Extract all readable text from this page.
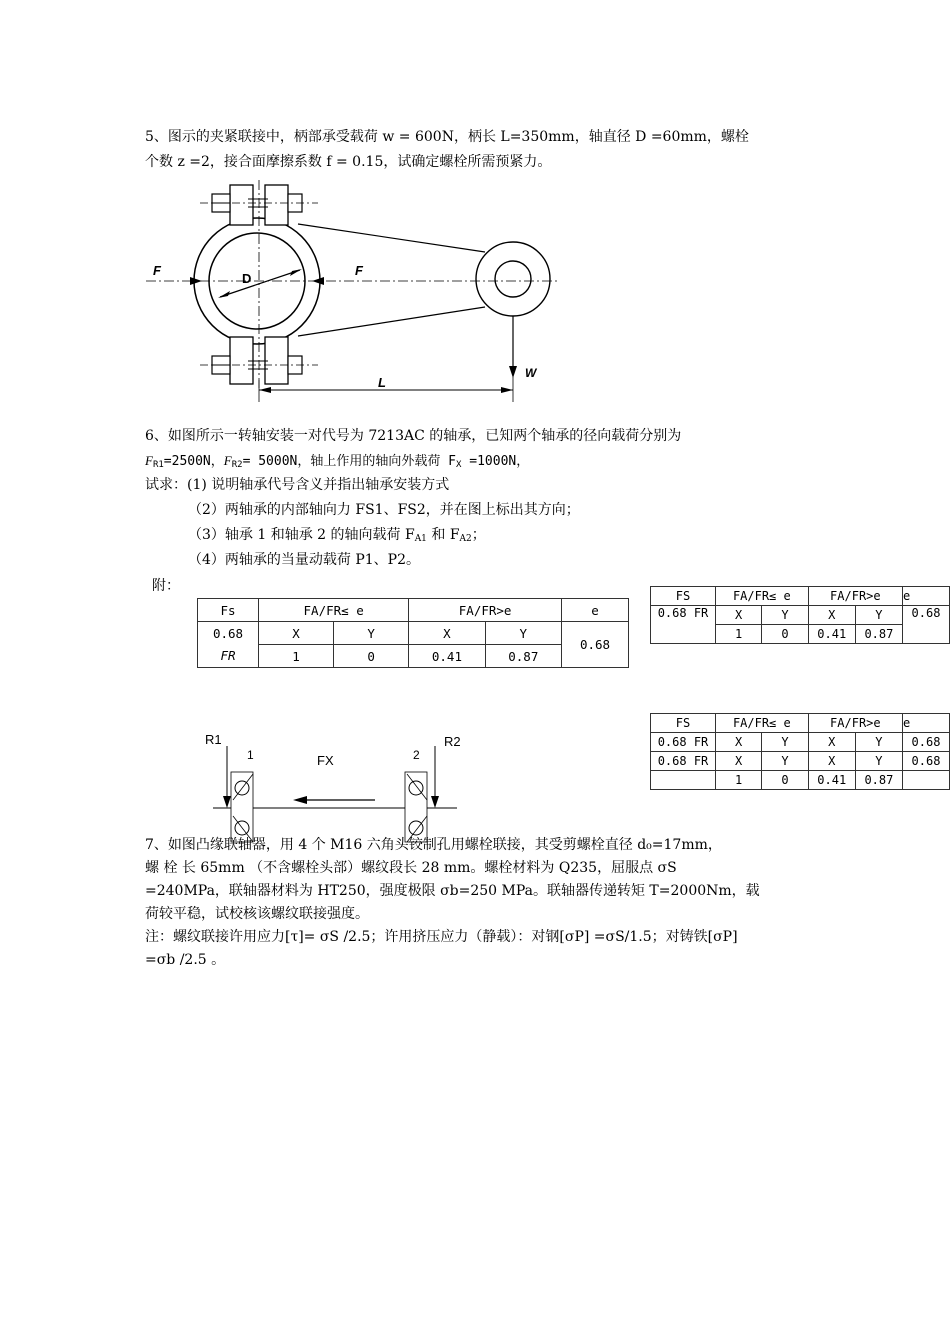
5、图示的夹紧联接中，柄部承受载荷 w = 600N，柄长 L=350mm，轴直径 D =60mm，螺栓
个数 z =2，接合面摩擦系数 f = 0.15，试确定螺栓所需预紧力。
F	F
D
L
W
6、如图所示一转轴安装一对代号为 7213AC 的轴承，已知两个轴承的径向载荷分别为
$F_{R1}=2500N$，$F_{R2}= 5000N$，轴上作用的轴向外载荷 $F_X =1000N$，
试求：(1) 说明轴承代号含义并指出轴承安装方式
（2）两轴承的内部轴向力 FS1、FS2，并在图上标出其方向；
（3）轴承 1 和轴承 2 的轴向载荷 $F_{A1}$ 和 $F_{A2}$；
（4）两轴承的当量动载荷 P1、P2。
附：
Fs	FA/FR≤ e		FA/FR>e		e
0.68	X	Y	X	Y	0.68
FR	1	0	0.41	0.87	
FS	FA/FR≤ e		FA/FR>e		e
0.68 FR	X	Y	X	Y	0.68
	1	0	0.41	0.87	
FS	FA/FR≤ e		FA/FR>e		e
0.68 FR	X	Y	X	Y	0.68
0.68 FR	X	Y	X	Y	0.68
	1	0	0.41	0.87	
R1
1	FX	2
R2
7、如图凸缘联轴器，用 4 个 M16 六角头铰制孔用螺栓联接，其受剪螺栓直径 d₀=17mm，
螺 栓 长 65mm （不含螺栓头部）螺纹段长 28 mm。螺栓材料为 Q235，屈服点 σS
=240MPa，联轴器材料为 HT250，强度极限 σb=250 MPa。联轴器传递转矩 T=2000Nm，载
荷较平稳，试校核该螺纹联接强度。
注：螺纹联接许用应力[τ]= σS /2.5；许用挤压应力（静载）：对钢[σP] =σS/1.5；对铸铁[σP]
=σb /2.5 。
